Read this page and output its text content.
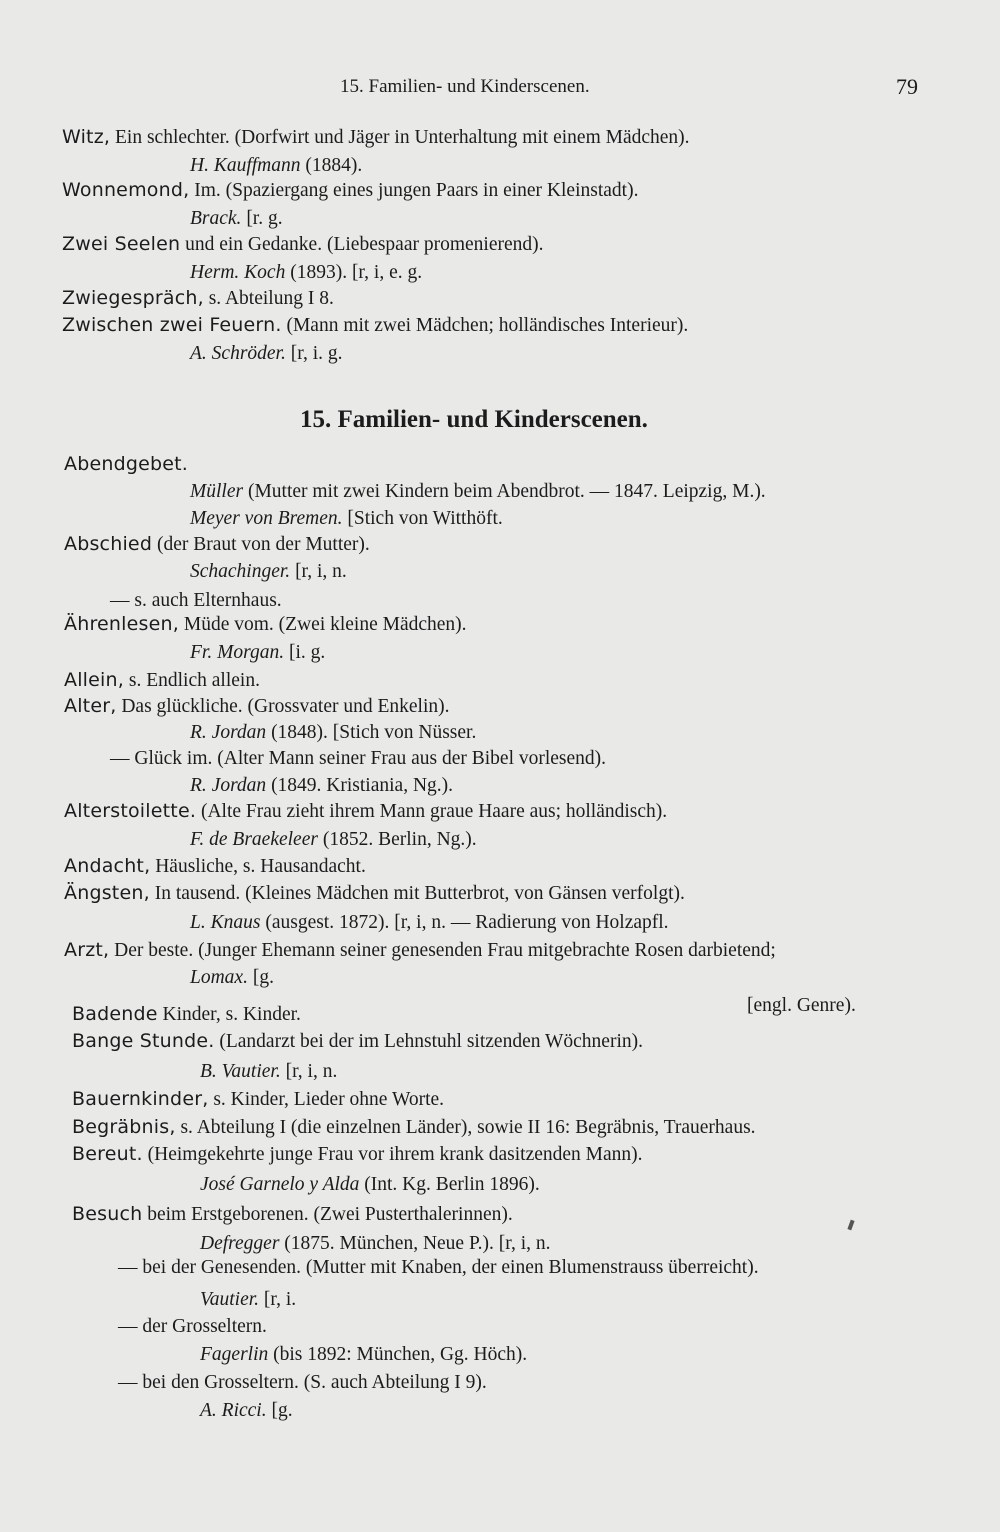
15. Familien- und Kinderscenen.	79
15. Familien- und Kinderscenen.
Witz, Ein schlechter. (Dorfwirt und Jäger in Unterhaltung mit einem Mädchen).
H. Kauffmann (1884).
Wonnemond, Im. (Spaziergang eines jungen Paars in einer Kleinstadt).
Brack. [r. g.
Zwei Seelen und ein Gedanke. (Liebespaar promenierend).
Herm. Koch (1893). [r, i, e. g.
Zwiegespräch, s. Abteilung I 8.
Zwischen zwei Feuern. (Mann mit zwei Mädchen; holländisches Interieur).
A. Schröder. [r, i. g.
Abendgebet.
Müller (Mutter mit zwei Kindern beim Abendbrot. — 1847. Leipzig, M.).
Meyer von Bremen. [Stich von Witthöft.
Abschied (der Braut von der Mutter).
Schachinger. [r, i, n.
— s. auch Elternhaus.
Ährenlesen, Müde vom. (Zwei kleine Mädchen).
Fr. Morgan. [i. g.
Allein, s. Endlich allein.
Alter, Das glückliche. (Grossvater und Enkelin).
R. Jordan (1848). [Stich von Nüsser.
— Glück im. (Alter Mann seiner Frau aus der Bibel vorlesend).
R. Jordan (1849. Kristiania, Ng.).
Alterstoilette. (Alte Frau zieht ihrem Mann graue Haare aus; holländisch).
F. de Braekeleer (1852. Berlin, Ng.).
Andacht, Häusliche, s. Hausandacht.
Ängsten, In tausend. (Kleines Mädchen mit Butterbrot, von Gänsen verfolgt).
L. Knaus (ausgest. 1872). [r, i, n. — Radierung von Holzapfl.
Arzt, Der beste. (Junger Ehemann seiner genesenden Frau mitgebrachte Rosen darbietend;
Lomax. [g.
Badende Kinder, s. Kinder.
Bange Stunde. (Landarzt bei der im Lehnstuhl sitzenden Wöchnerin).
B. Vautier. [r, i, n.
Bauernkinder, s. Kinder, Lieder ohne Worte.
Begräbnis, s. Abteilung I (die einzelnen Länder), sowie II 16: Begräbnis, Trauerhaus.
Bereut. (Heimgekehrte junge Frau vor ihrem krank dasitzenden Mann).
José Garnelo y Alda (Int. Kg. Berlin 1896).
Besuch beim Erstgeborenen. (Zwei Pusterthalerinnen).
Defregger (1875. München, Neue P.). [r, i, n.
— bei der Genesenden. (Mutter mit Knaben, der einen Blumenstrauss überreicht).
Vautier. [r, i.
— der Grosseltern.
Fagerlin (bis 1892: München, Gg. Höch).
— bei den Grosseltern. (S. auch Abteilung I 9).
A. Ricci. [g.
[engl. Genre).
